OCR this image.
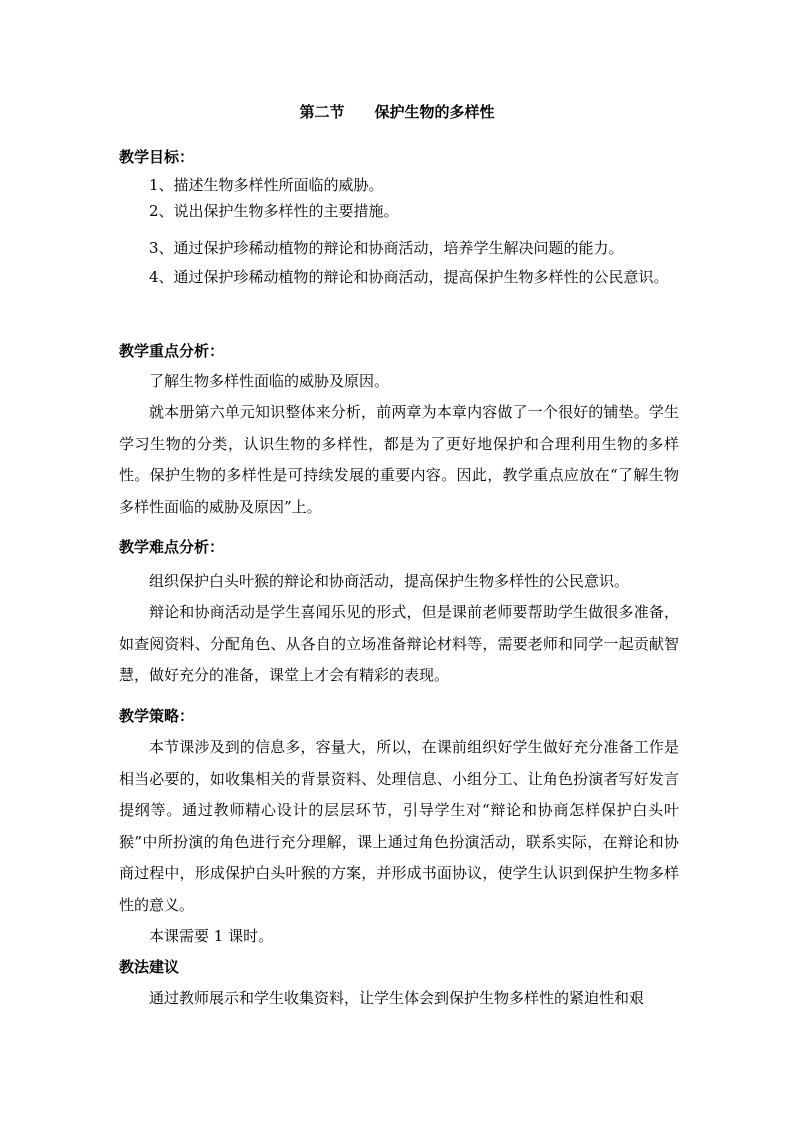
第二节　　保护生物的多样性
教学目标：
1、描述生物多样性所面临的威胁。
2、说出保护生物多样性的主要措施。
3、通过保护珍稀动植物的辩论和协商活动，培养学生解决问题的能力。
4、通过保护珍稀动植物的辩论和协商活动，提高保护生物多样性的公民意识。
教学重点分析：
了解生物多样性面临的威胁及原因。
就本册第六单元知识整体来分析，前两章为本章内容做了一个很好的铺垫。学生学习生物的分类，认识生物的多样性，都是为了更好地保护和合理利用生物的多样性。保护生物的多样性是可持续发展的重要内容。因此，教学重点应放在“了解生物多样性面临的威胁及原因”上。
教学难点分析：
组织保护白头叶猴的辩论和协商活动，提高保护生物多样性的公民意识。
辩论和协商活动是学生喜闻乐见的形式，但是课前老师要帮助学生做很多准备，如查阅资料、分配角色、从各自的立场准备辩论材料等，需要老师和同学一起贡献智慧，做好充分的准备，课堂上才会有精彩的表现。
教学策略：
本节课涉及到的信息多，容量大，所以，在课前组织好学生做好充分准备工作是相当必要的，如收集相关的背景资料、处理信息、小组分工、让角色扮演者写好发言提纲等。通过教师精心设计的层层环节，引导学生对“辩论和协商怎样保护白头叶猴”中所扮演的角色进行充分理解，课上通过角色扮演活动，联系实际，在辩论和协商过程中，形成保护白头叶猴的方案，并形成书面协议，使学生认识到保护生物多样性的意义。
本课需要 1 课时。
教法建议
通过教师展示和学生收集资料，让学生体会到保护生物多样性的紧迫性和艰
